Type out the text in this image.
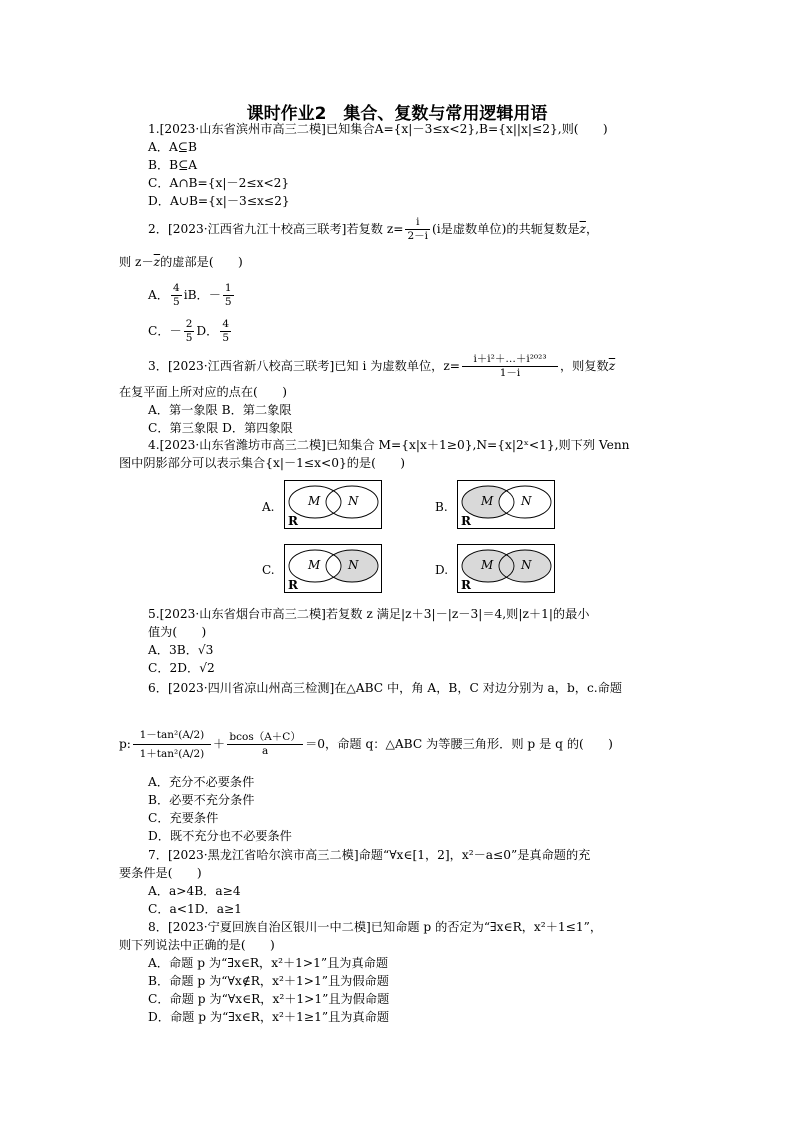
课时作业2　集合、复数与常用逻辑用语
1.[2023·山东省滨州市高三二模]已知集合A={x|－3≤x<2},B={x||x|≤2},则(　　)
A．A⊆B
B．B⊆A
C．A∩B={x|－2≤x<2}
D．A∪B={x|－3≤x≤2}
2．[2023·江西省九江十校高三联考]若复数 $z= \frac{i}{2-i} (i$是虚数单位)的共轭复数是$\overline{z}$，
则 $z-\overline{z}$的虚部是(　　)
A． $\frac{4}{5}$ iB．－ $\frac{1}{5}$
C．－ $\frac{2}{5}$ D． $\frac{4}{5}$
3．[2023·江西省新八校高三联考]已知 i 为虚数单位，$z= \frac{\text{i＋i²＋…＋i²⁰²³}}{1-i}$ ，则复数$\overline{z}$
在复平面上所对应的点在(　　)
A．第一象限 B．第二象限
C．第三象限 D．第四象限
4.[2023·山东省潍坊市高三二模]已知集合 M={x|x＋1≥0},N={x|2ˣ<1},则下列 Venn
图中阴影部分可以表示集合{x|－1≤x<0}的是(　　)
A.	M N
R
B.	M N
R
C.	M N
R
D.	M N
R
5.[2023·山东省烟台市高三二模]若复数 z 满足|z＋3|－|z－3|＝4,则|z＋1|的最小
值为(　　)
A．3B．√3
C．2D．√2
6．[2023·四川省凉山州高三检测]在△ABC 中，角 A，B，C 对边分别为 a，b，c.命题
p: $\frac{\text{1－tan²(A/2)}}{\text{1＋tan²(A/2)}} + \frac{bcos(A+C)}{a} =0$，命题 q：△ABC 为等腰三角形．则 p 是 q 的(　　)
A．充分不必要条件
B．必要不充分条件
C．充要条件
D．既不充分也不必要条件
7．[2023·黑龙江省哈尔滨市高三二模]命题“∀x∈[1，2]，x²－a≤0”是真命题的充
要条件是(　　)
A．a>4B．a≥4
C．a<1D．a≥1
8．[2023·宁夏回族自治区银川一中二模]已知命题 p 的否定为“∃x∈R，x²＋1≤1”，
则下列说法中正确的是(　　)
A．命题 p 为“∃x∈R，x²＋1>1”且为真命题
B．命题 p 为“∀x∉R，x²＋1>1”且为假命题
C．命题 p 为“∀x∈R，x²＋1>1”且为假命题
D．命题 p 为“∃x∈R，x²＋1≥1”且为真命题
